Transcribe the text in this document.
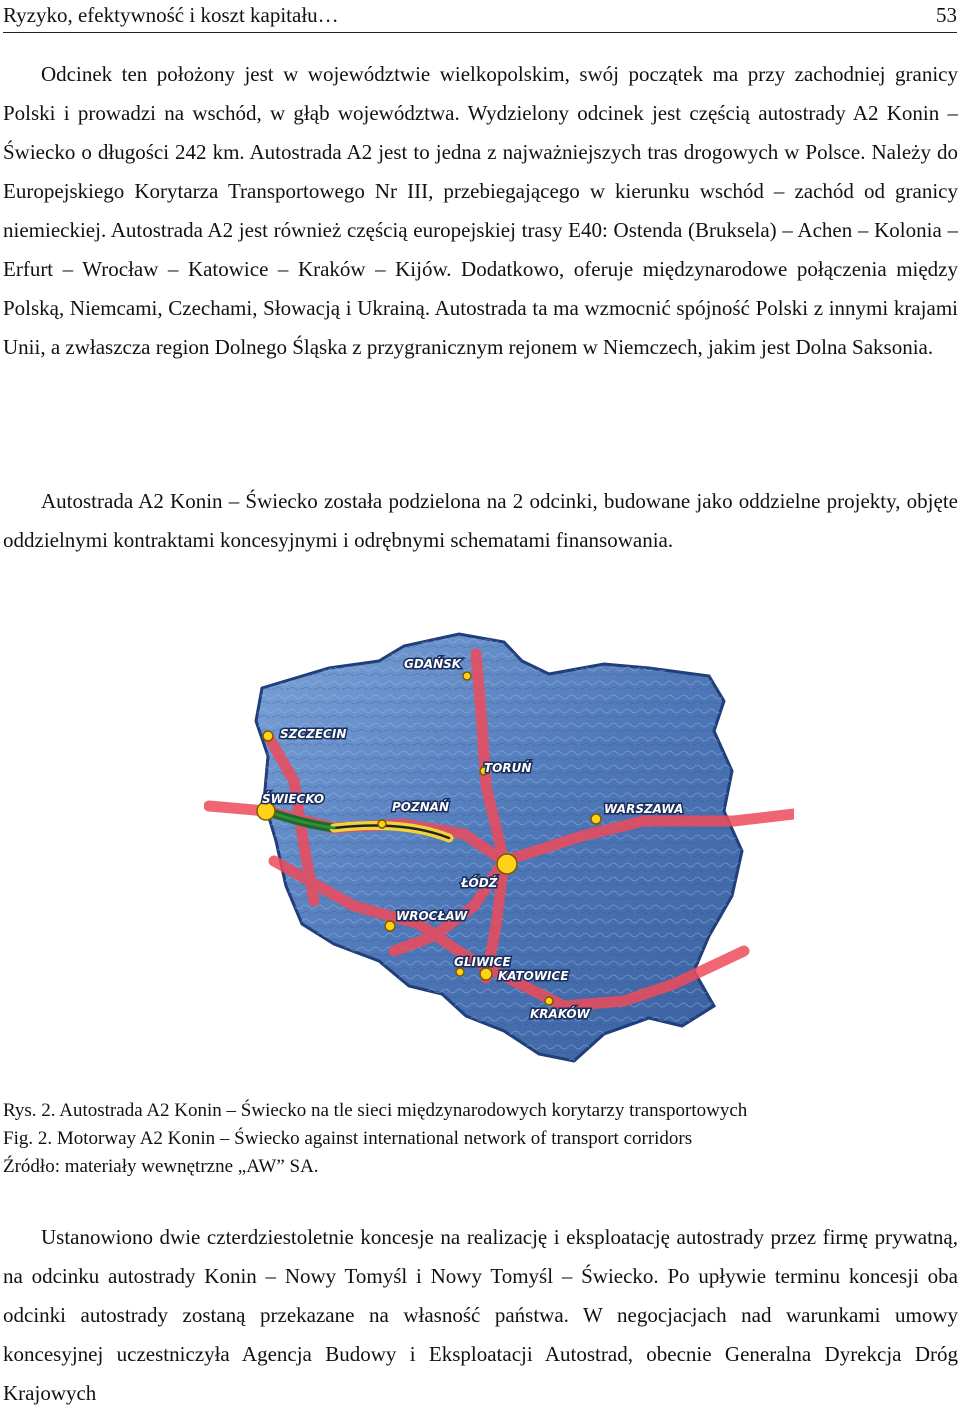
Ryzyko, efektywność i koszt kapitału…	53

Odcinek ten położony jest w województwie wielkopolskim, swój początek ma przy zachodniej granicy Polski i prowadzi na wschód, w głąb województwa. Wydzielony odcinek jest częścią autostrady A2 Konin – Świecko o długości 242 km. Autostrada A2 jest to jedna z najważniejszych tras drogowych w Polsce. Należy do Europejskiego Korytarza Transportowego Nr III, przebiegającego w kierunku wschód – zachód od granicy niemieckiej. Autostrada A2 jest również częścią europejskiej trasy E40: Ostenda (Bruksela) – Achen – Kolonia – Erfurt – Wrocław – Katowice – Kraków – Kijów. Dodatkowo, oferuje międzynarodowe połączenia między Polską, Niemcami, Czechami, Słowacją i Ukrainą. Autostrada ta ma wzmocnić spójność Polski z innymi krajami Unii, a zwłaszcza region Dolnego Śląska z przygranicznym rejonem w Niemczech, jakim jest Dolna Saksonia.

Autostrada A2 Konin – Świecko została podzielona na 2 odcinki, budowane jako oddzielne projekty, objęte oddzielnymi kontraktami koncesyjnymi i odrębnymi schematami finansowania.

GDAŃSK
SZCZECIN
TORUŃ
ŚWIECKO
POZNAŃ	WARSZAWA
ŁÓDŹ
WROCŁAW
GLIWICE
KATOWICE
KRAKÓW
Rys. 2. Autostrada A2 Konin – Świecko na tle sieci międzynarodowych korytarzy transportowych
Fig. 2. Motorway A2 Konin – Świecko against international network of transport corridors
Źródło: materiały wewnętrzne „AW” SA.

Ustanowiono dwie czterdziestoletnie koncesje na realizację i eksploatację autostrady przez firmę prywatną, na odcinku autostrady Konin – Nowy Tomyśl i Nowy Tomyśl – Świecko. Po upływie terminu koncesji oba odcinki autostrady zostaną przekazane na własność państwa. W negocjacjach nad warunkami umowy koncesyjnej uczestniczyła Agencja Budowy i Eksploatacji Autostrad, obecnie Generalna Dyrekcja Dróg Krajowych
